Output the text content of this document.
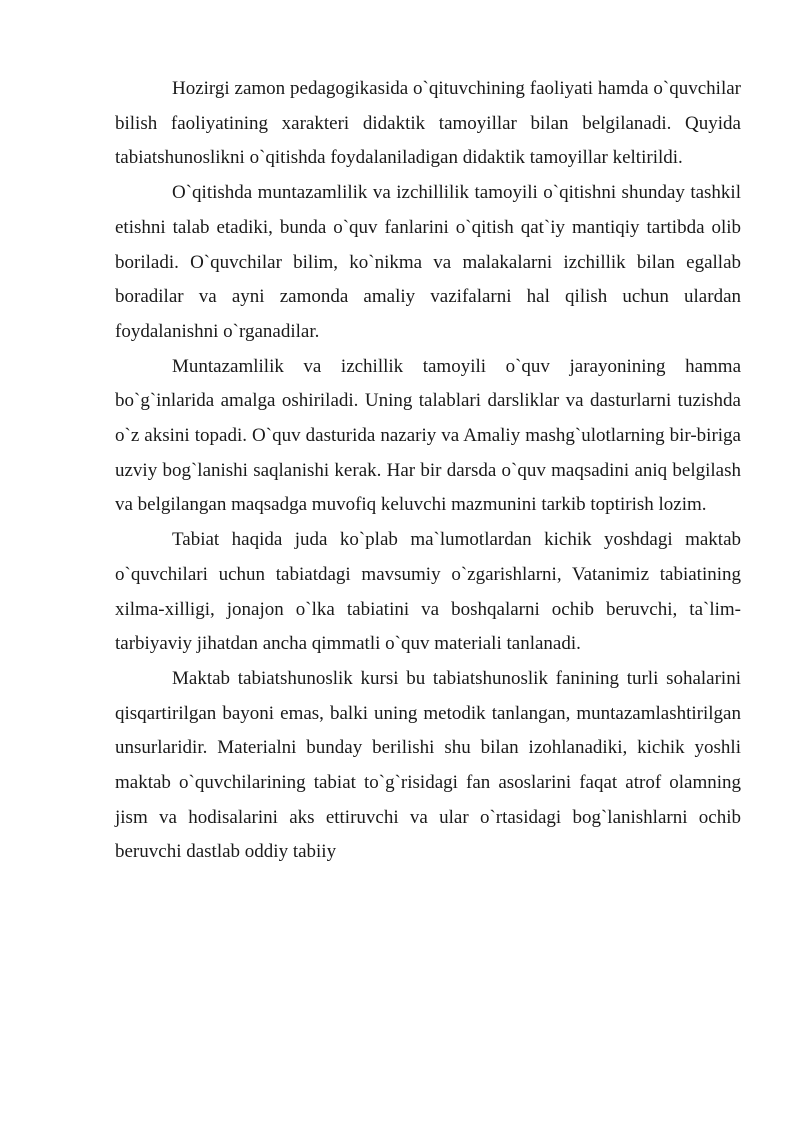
Hozirgi zamon pedagogikasida o`qituvchining faoliyati hamda o`quvchilar bilish faoliyatining xarakteri didaktik tamoyillar bilan belgilanadi. Quyida tabiatshunoslikni o`qitishda foydalaniladigan didaktik tamoyillar keltirildi.

O`qitishda muntazamlilik va izchillilik tamoyili o`qitishni shunday tashkil etishni talab etadiki, bunda o`quv fanlarini o`qitish qat`iy mantiqiy tartibda olib boriladi. O`quvchilar bilim, ko`nikma va malakalarni izchillik bilan egallab boradilar va ayni zamonda amaliy vazifalarni hal qilish uchun ulardan foydalanishni o`rganadilar.

Muntazamlilik va izchillik tamoyili o`quv jarayonining hamma bo`g`inlarida amalga oshiriladi. Uning talablari darsliklar va dasturlarni tuzishda o`z aksini topadi. O`quv dasturida nazariy va Amaliy mashg`ulotlarning bir-biriga uzviy bog`lanishi saqlanishi kerak. Har bir darsda o`quv maqsadini aniq belgilash va belgilangan maqsadga muvofiq keluvchi mazmunini tarkib toptirish lozim.

Tabiat haqida juda ko`plab ma`lumotlardan kichik yoshdagi maktab o`quvchilari uchun tabiatdagi mavsumiy o`zgarishlarni, Vatanimiz tabiatining xilma-xilligi, jonajon o`lka tabiatini va boshqalarni ochib beruvchi, ta`lim-tarbiyaviy jihatdan ancha qimmatli o`quv materiali tanlanadi.

Maktab tabiatshunoslik kursi bu tabiatshunoslik fanining turli sohalarini qisqartirilgan bayoni emas, balki uning metodik tanlangan, muntazamlashtirilgan unsurlaridir. Materialni bunday berilishi shu bilan izohlanadiki, kichik yoshli maktab o`quvchilarining tabiat to`g`risidagi fan asoslarini faqat atrof olamning jism va hodisalarini aks ettiruvchi va ular o`rtasidagi bog`lanishlarni ochib beruvchi dastlab oddiy tabiiy
